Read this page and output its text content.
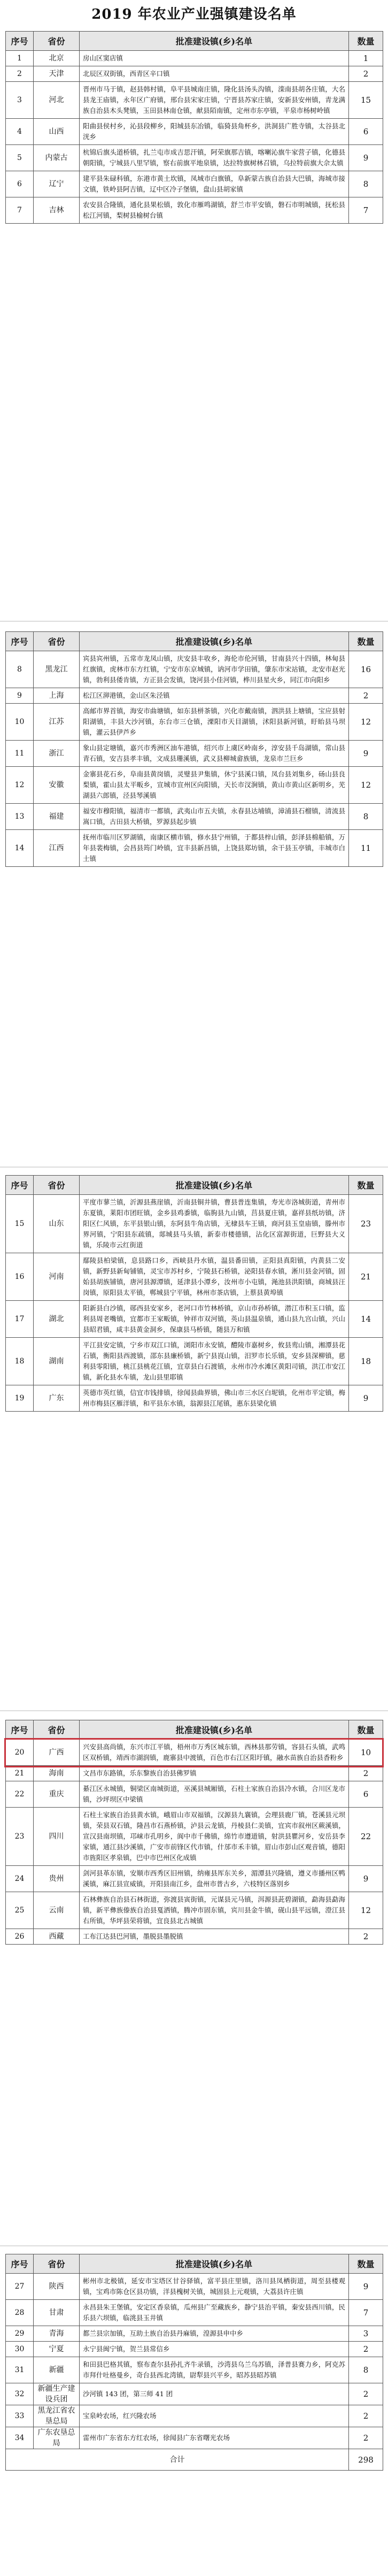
2019 年农业产业强镇建设名单
序号	省份	批准建设镇(乡)名单	数量
1	北京	房山区窦店镇	1
2	天津	北辰区双街镇，西青区辛口镇	2
3	河北	晋州市马于镇，赵县韩村镇，阜平县城南庄镇，隆化县汤头沟镇，滦南县胡各庄镇，大名县龙王庙镇，永年区广府镇，邢台县宋家庄镇，宁晋县苏家庄镇，安新县安州镇，青龙满族自治县木头凳镇，玉田县林南仓镇，献县陌南镇，定州市东亭镇，平泉市杨树岭镇	15
4	山西	阳曲县侯村乡，沁县段柳乡，阳城县东冶镇，临猗县角杯乡，洪洞县广胜寺镇，太谷县北洸乡	6
5	内蒙古	杭锦后旗头道桥镇，扎兰屯市成吉思汗镇，阿荣旗那吉镇，喀喇沁旗牛家营子镇，化德县朝阳镇，宁城县八里罕镇，察右前旗平地泉镇，达拉特旗树林召镇，乌拉特前旗大佘太镇	9
6	辽宁	建平县朱碌科镇，东港市黄土坎镇，凤城市白旗镇，阜新蒙古族自治县大巴镇，海城市接文镇，铁岭县阿吉镇，辽中区冷子堡镇，盘山县胡家镇	8
7	吉林	农安县合隆镇，通化县果松镇，敦化市雁鸣湖镇，舒兰市平安镇，磐石市明城镇，抚松县松江河镇，梨树县榆树台镇	7
序号	省份	批准建设镇(乡)名单	数量
8	黑龙江	宾县宾州镇，五常市龙凤山镇，庆安县丰收乡，海伦市伦河镇，甘南县兴十四镇，林甸县红旗镇，虎林市东方红镇，宁安市东京城镇，讷河市学田镇，肇东市宋站镇，北安市赵光镇，勃利县倭肯镇，方正县会发镇，饶河县小佳河镇，桦川县星火乡，同江市向阳乡	16
9	上海	松江区泖港镇，金山区朱泾镇	2
10	江苏	高邮市界首镇，海安市曲塘镇，如东县栟茶镇，兴化市戴南镇，泗洪县上塘镇，宝应县射阳湖镇，丰县大沙河镇，东台市三仓镇，溧阳市天目湖镇，沭阳县新河镇，盱眙县马坝镇，灌云县伊芦乡	12
11	浙江	象山县定塘镇，嘉兴市秀洲区油车港镇，绍兴市上虞区岭南乡，淳安县千岛湖镇，常山县青石镇，安吉县孝丰镇，文成县珊溪镇，武义县柳城畲族镇，龙泉市兰巨乡	9
12	安徽	金寨县花石乡，阜南县黄岗镇，灵璧县尹集镇，休宁县溪口镇，凤台县刘集乡，砀山县良梨镇，霍山县太平畈乡，宣城市宣州区向阳镇，天长市汊涧镇，黄山市黄山区新明乡，芜湖县六郎镇，泾县琴溪镇	12
13	福建	福安市穆阳镇，福清市一都镇，武夷山市五夫镇，永春县达埔镇，漳浦县石榴镇，清流县嵩口镇，古田县大桥镇，罗源县起步镇	8
14	江西	抚州市临川区罗湖镇，南康区横市镇，修水县宁州镇，于都县梓山镇，彭泽县棉船镇，万年县裴梅镇，会昌县筠门岭镇，宜丰县新昌镇，上饶县郑坊镇，余干县玉亭镇，丰城市白土镇	11
序号	省份	批准建设镇(乡)名单	数量
15	山东	平度市蓼兰镇，沂源县燕崖镇，沂南县铜井镇，曹县普连集镇，寿光市洛城街道，青州市东夏镇，莱阳市团旺镇，金乡县鸡黍镇，临朐县九山镇，莒县夏庄镇，嘉祥县纸坊镇，济阳区仁风镇，东平县银山镇，东阿县牛角店镇，无棣县车王镇，商河县玉皇庙镇，滕州市界河镇，宁阳县东疏镇，郯城县马头镇，新泰市楼德镇，沾化区富源街道，巨野县大义镇，乐陵市云红街道	23
16	河南	鄢陵县柏梁镇，息县路口乡，西峡县丹水镇，温县番田镇，正阳县真阳镇，内黄县二安镇，新野县新甸铺镇，灵宝市苏村乡，宁陵县石桥镇，泌阳县春水镇，淅川县金河镇，固始县胡族铺镇，唐河县源潭镇，延津县小潭乡，汝州市小屯镇，渑池县洪阳镇，商城县汪岗镇，原阳县太平镇，郸城县宁平镇，林州市茶店镇，上蔡县黄埠镇	21
17	湖北	阳新县白沙镇，郧西县安家乡，老河口市竹林桥镇，京山市孙桥镇，潜江市积玉口镇，监利县周老嘴镇，宜都市王家畈镇，钟祥市双河镇，英山县温泉镇，通山县九宫山镇，兴山县昭君镇，咸丰县黄金洞乡，保康县马桥镇，随县万和镇	14
18	湖南	平江县安定镇，宁乡市双江口镇，浏阳市永安镇，醴陵市嘉树乡，攸县鸾山镇，湘潭县花石镇，衡阳县西渡镇，邵东县廉桥镇，新宁县崀山镇，汨罗市长乐镇，安乡县深柳镇，慈利县零阳镇，桃江县桃花江镇，宜章县白石渡镇，永州市冷水滩区黄阳司镇，洪江市安江镇，新化县水车镇，龙山县里耶镇	18
19	广东	英德市英红镇，信宜市钱排镇，徐闻县曲界镇，佛山市三水区白坭镇，化州市平定镇，梅州市梅县区雁洋镇，和平县东水镇，翁源县江尾镇，惠东县梁化镇	9
序号	省份	批准建设镇(乡)名单	数量
20	广西	兴安县高尚镇，东兴市江平镇，梧州市万秀区城东镇，西林县那劳镇，容县石头镇，武鸣区双桥镇，靖西市湖润镇，鹿寨县中渡镇，百色市右江区阳圩镇，融水苗族自治县香粉乡	10
21	海南	文昌市东路镇，乐东黎族自治县佛罗镇	2
22	重庆	綦江区永城镇，铜梁区南城街道，巫溪县城厢镇，石柱土家族自治县冷水镇，合川区龙市镇，沙坪坝区中梁镇	6
23	四川	石柱土家族自治县黄水镇，峨眉山市双福镇，汉源县九襄镇，会理县鹿厂镇，苍溪县元坝镇，荣县双石镇，隆昌市石燕桥镇，泸县云龙镇，丹棱县仁美镇，宜宾市叙州区蕨溪镇，宣汉县南坝镇，邛崃市孔明乡，阆中市千佛镇，绵竹市遵道镇，射洪县瞿河乡，安岳县李家镇，通江县沙溪镇，广安市前锋区代市镇，什邡市禾丰镇，眉山市彭山区观音镇，德阳市旌阳区孝泉镇，巴中市巴州区化成镇	22
24	贵州	剑河县革东镇，安顺市西秀区旧州镇，纳雍县厍东关乡，湄潭县兴隆镇，遵义市播州区鸭溪镇，麻江县宣威镇，开阳县南江乡，盘州市普古乡，六枝特区落别乡	9
25	云南	石林彝族自治县石林街道，弥渡县寅街镇，元谋县元马镇，洱源县茈碧湖镇，勐海县勐海镇，新平彝族傣族自治县戛洒镇，腾冲市固东镇，宾川县金牛镇，砚山县平远镇，澄江县右所镇，华坪县荣将镇，宜良县北古城镇	12
26	西藏	工布江达县巴河镇，墨脱县墨脱镇	2
序号	省份	批准建设镇(乡)名单	数量
27	陕西	彬州市北极镇，延安市宝塔区甘谷驿镇，富平县庄里镇，洛川县凤栖街道，周至县楼观镇，宝鸡市陈仓区县功镇，洋县槐树关镇，城固县上元观镇，大荔县许庄镇	9
28	甘肃	永昌县朱王堡镇，安定区香泉镇，瓜州县广至藏族乡，静宁县治平镇，秦安县西川镇，民乐县六坝镇，临洮县玉井镇	7
29	青海	都兰县宗加镇，互助土族自治县丹麻镇，湟源县申中乡	3
30	宁夏	永宁县闽宁镇，贺兰县常信乡	2
31	新疆	和田县巴格其镇，察布查尔县孙扎齐牛录镇，沙湾县乌兰乌苏镇，泽普县赛力乡，阿克苏市拜什吐格曼乡，奇台县西北湾镇，尉犁县兴平乡，昭苏县昭苏镇	8
32	新疆生产建设兵团	沙河镇 143 团，第三师 41 团	2
33	黑龙江省农垦总局	宝泉岭农场，红兴隆农场	2
34	广东农垦总局	雷州市广东省东方红农场，徐闻县广东省曙光农场	2
合计			298
